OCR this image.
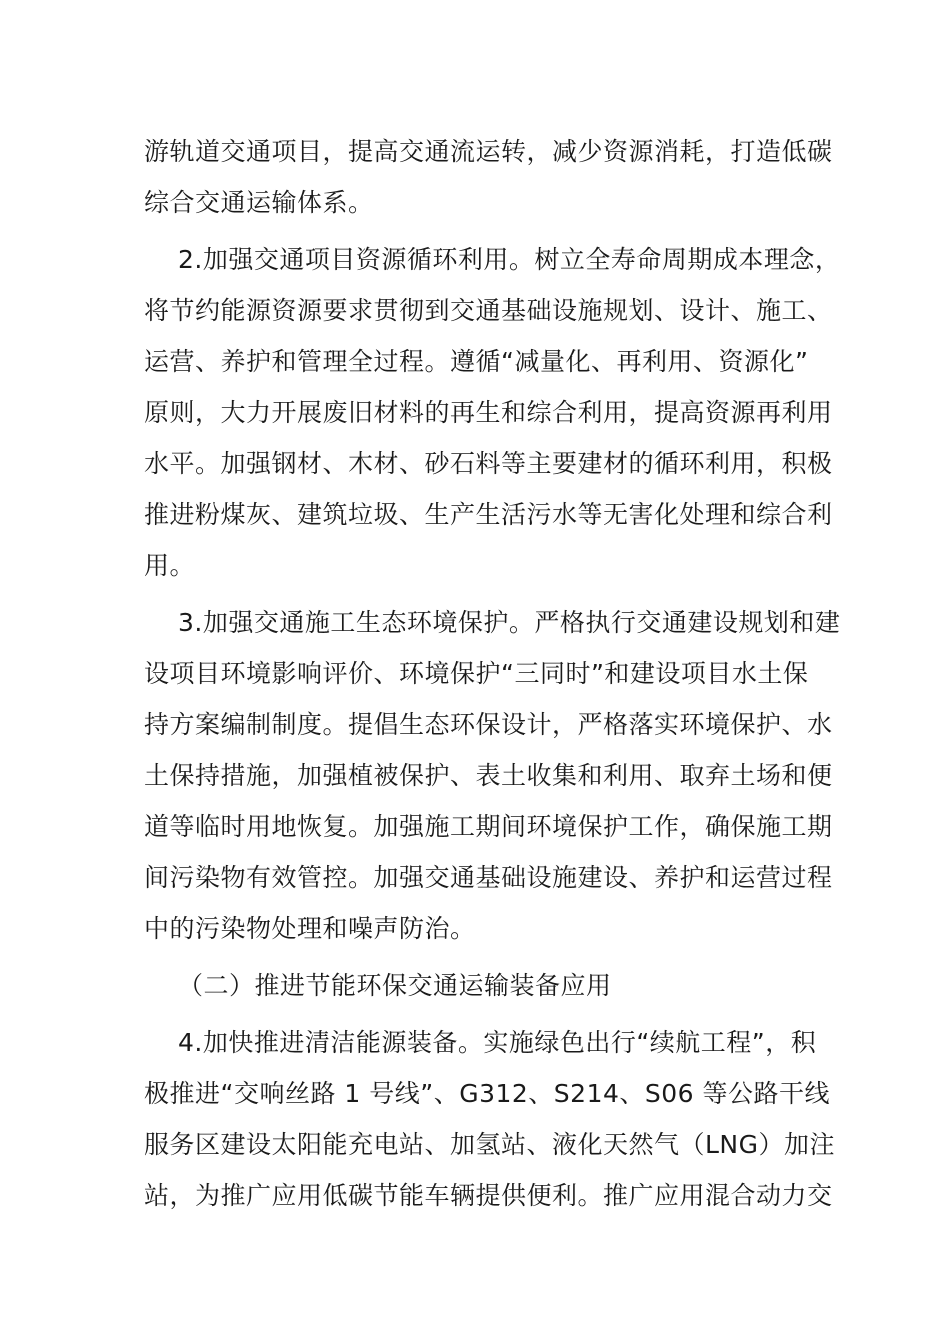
游轨道交通项目，提高交通流运转，减少资源消耗，打造低碳
综合交通运输体系。
2.加强交通项目资源循环利用。树立全寿命周期成本理念，
将节约能源资源要求贯彻到交通基础设施规划、设计、施工、
运营、养护和管理全过程。遵循“减量化、再利用、资源化”
原则，大力开展废旧材料的再生和综合利用，提高资源再利用
水平。加强钢材、木材、砂石料等主要建材的循环利用，积极
推进粉煤灰、建筑垃圾、生产生活污水等无害化处理和综合利
用。
3.加强交通施工生态环境保护。严格执行交通建设规划和建
设项目环境影响评价、环境保护“三同时”和建设项目水土保
持方案编制制度。提倡生态环保设计，严格落实环境保护、水
土保持措施，加强植被保护、表土收集和利用、取弃土场和便
道等临时用地恢复。加强施工期间环境保护工作，确保施工期
间污染物有效管控。加强交通基础设施建设、养护和运营过程
中的污染物处理和噪声防治。
（二）推进节能环保交通运输装备应用
4.加快推进清洁能源装备。实施绿色出行“续航工程”，积
极推进“交响丝路 1 号线”、G312、S214、S06 等公路干线
服务区建设太阳能充电站、加氢站、液化天然气（LNG）加注
站，为推广应用低碳节能车辆提供便利。推广应用混合动力交
